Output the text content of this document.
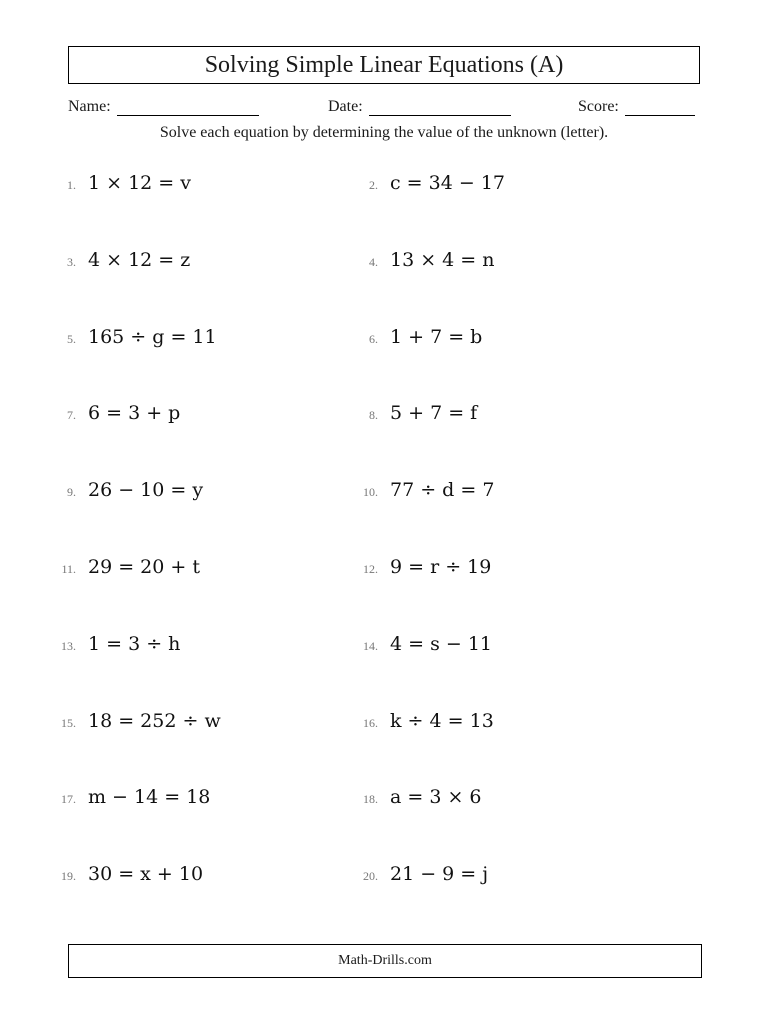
Solving Simple Linear Equations (A)
Name:	Date:	Score:
Solve each equation by determining the value of the unknown (letter).
1. 1 × 12 = v	2. c = 34 − 17
3. 4 × 12 = z	4. 13 × 4 = n
5. 165 ÷ g = 11	6. 1 + 7 = b
7. 6 = 3 + p	8. 5 + 7 = f
9. 26 − 10 = y	10. 77 ÷ d = 7
11. 29 = 20 + t	12. 9 = r ÷ 19
13. 1 = 3 ÷ h	14. 4 = s − 11
15. 18 = 252 ÷ w	16. k ÷ 4 = 13
17. m − 14 = 18	18. a = 3 × 6
19. 30 = x + 10	20. 21 − 9 = j
Math-Drills.com
